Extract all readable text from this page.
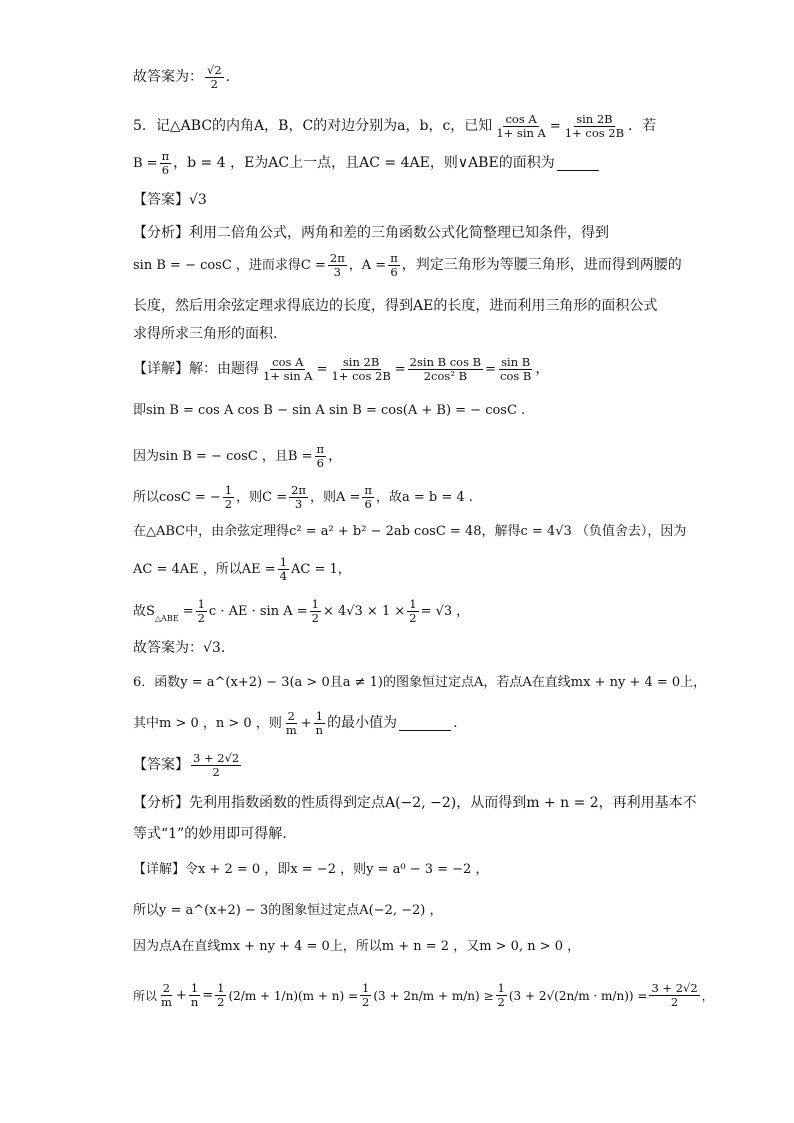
故答案为： $\frac{√2}{2}$ .
5．记△ABC的内角A，B，C的对边分别为a，b，c，已知 $\frac{\text{cos A}}{\text{1+ sin A}} = \frac{\sin 2B}{1+ \cos 2B}$ ．若
$B = \frac{\pi}{6}$ ，b = 4 ，E为AC上一点，且AC = 4AE，则∨ABE的面积为
【答案】√3
【分析】利用二倍角公式，两角和差的三角函数公式化简整理已知条件，得到
sin B = − cosC ，进而求得$C = \frac{2\pi}{3}$ ，$A = \frac{\pi}{6}$ ，判定三角形为等腰三角形，进而得到两腰的
长度，然后用余弦定理求得底边的长度，得到AE的长度，进而利用三角形的面积公式
求得所求三角形的面积.
【详解】解：由题得 $\frac{\text{cos A}}{\text{1+ sin A}} = \frac{\sin 2B}{1+ \cos 2B} = \frac{\text{2sin B cos B}}{\text{2cos² B}} = \frac{\text{sin B}}{\text{cos B}}$ ，
即sin B = cos A cos B − sin A sin B = cos(A + B) = − cosC .
因为sin B = − cosC ，且$B = \frac{\pi}{6}$ ，
所以cosC = − $\frac{1}{2}$ ，则$C = \frac{2\pi}{3}$ ，则$A = \frac{\pi}{6}$ ，故a = b = 4 .
在△ABC中，由余弦定理得c² = a² + b² − 2ab cosC = 48，解得c = 4√3 （负值舍去），因为
AC = 4AE ，所以AE = $\frac{1}{4}$ AC = 1，
故S △ABE = $\frac{1}{2}$ c · AE · $\sin A = \frac{1}{2} \times 4√3 \times 1 \times \frac{1}{2} = √3$ ，
故答案为：√3.
6．函数y = a^(x+2) − 3(a > 0且a ≠ 1)的图象恒过定点A，若点A在直线mx + ny + 4 = 0上，
其中m > 0 ，n > 0 ，则 $\frac{2}{m} + \frac{1}{n}$ 的最小值为	.
【答案】 $\frac{3 + 2√2}{2}$
【分析】先利用指数函数的性质得到定点A(−2, −2)，从而得到m + n = 2，再利用基本不
等式“1”的妙用即可得解.
【详解】令x + 2 = 0 ，即x = −2 ，则y = a⁰ − 3 = −2 ，
所以y = a^(x+2) − 3的图象恒过定点A(−2, −2) ，
因为点A在直线mx + ny + 4 = 0上，所以m + n = 2 ，又m > 0, n > 0 ，
所以 $\frac{2}{m} + \frac{1}{n} = \frac{1}{2} (2/m + 1/n)(m + n) = \frac{1}{2} (3 + 2n/m + m/n) \ge \frac{1}{2} (3 + 2√(2n/m \cdot m/n)) = \frac{3 + 2√2}{2}$ ，
